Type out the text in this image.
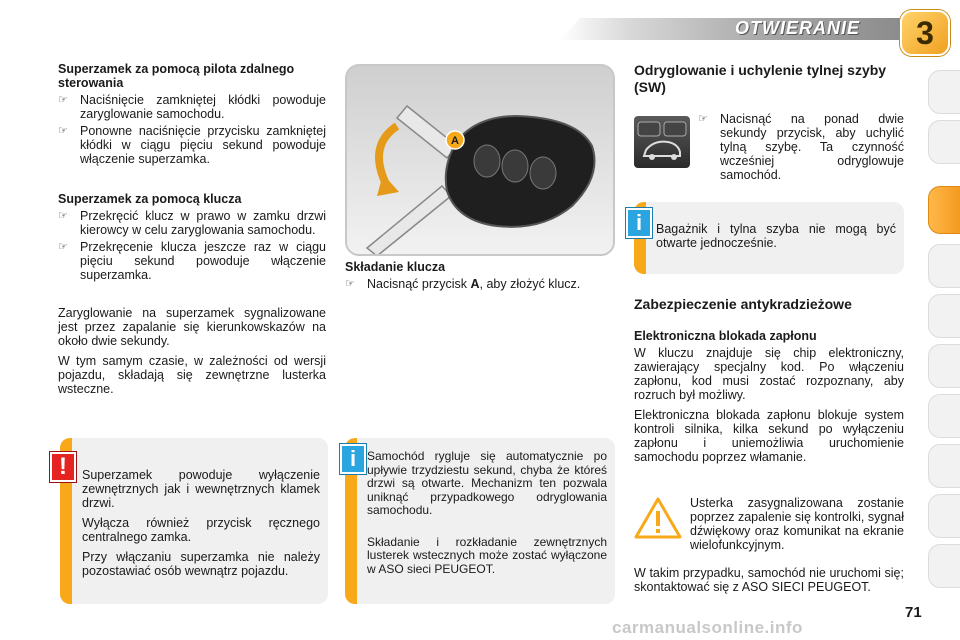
OTWIERANIE	3
Superzamek za pomocą pilota zdalnego sterowania
☞ Naciśnięcie zamkniętej kłódki powoduje zaryglowanie samochodu.
☞ Ponowne naciśnięcie przycisku zamkniętej kłódki w ciągu pięciu sekund powoduje włączenie superzamka.
Superzamek za pomocą klucza
☞ Przekręcić klucz w prawo w zamku drzwi kierowcy w celu zaryglowania samochodu.
☞ Przekręcenie klucza jeszcze raz w ciągu pięciu sekund powoduje włączenie superzamka.
Zaryglowanie na superzamek sygnalizowane jest przez zapalanie się kierunkowskazów na około dwie sekundy.
W tym samym czasie, w zależności od wersji pojazdu, składają się zewnętrzne lusterka wsteczne.
A
Składanie klucza
☞ Nacisnąć przycisk A, aby złożyć klucz.
Superzamek powoduje wyłączenie zewnętrznych jak i wewnętrznych klamek drzwi.
Wyłącza również przycisk ręcznego centralnego zamka.
Przy włączaniu superzamka nie należy pozostawiać osób wewnątrz pojazdu.
!	Samochód rygluje się automatycznie po upływie trzydziestu sekund, chyba że któreś drzwi są otwarte. Mechanizm ten pozwala uniknąć przypadkowego odryglowania samochodu.
Składanie i rozkładanie zewnętrznych lusterek wstecznych może zostać wyłączone w ASO sieci PEUGEOT.
i
Odryglowanie i uchylenie tylnej szyby (SW)
☞ Nacisnąć na ponad dwie sekundy przycisk, aby uchylić tylną szybę. Ta czynność wcześniej odryglowuje samochód.
Bagażnik i tylna szyba nie mogą być otwarte jednocześnie.
i
Zabezpieczenie antykradzieżowe
Elektroniczna blokada zapłonu
W kluczu znajduje się chip elektroniczny, zawierający specjalny kod. Po włączeniu zapłonu, kod musi zostać rozpoznany, aby rozruch był możliwy.
Elektroniczna blokada zapłonu blokuje system kontroli silnika, kilka sekund po wyłączeniu zapłonu i uniemożliwia uruchomienie samochodu poprzez włamanie.
Usterka zasygnalizowana zostanie poprzez zapalenie się kontrolki, sygnał dźwiękowy oraz komunikat na ekranie wielofunkcyjnym.
W takim przypadku, samochód nie uruchomi się; skontaktować się z ASO SIECI PEUGEOT.
71
carmanualsonline.info
